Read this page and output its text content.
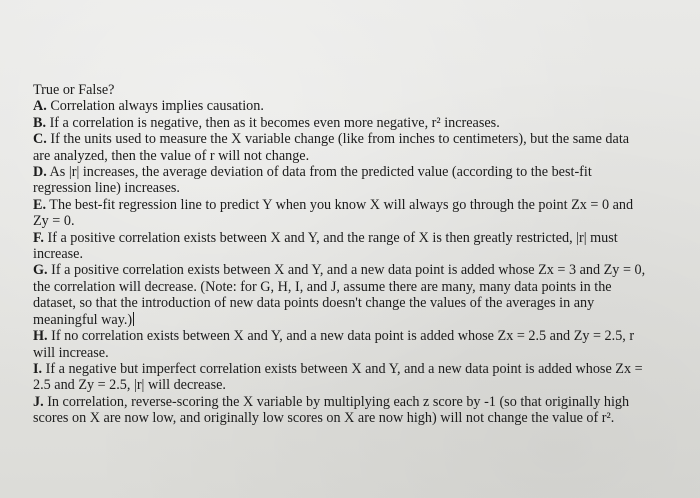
True or False?

A. Correlation always implies causation.

B. If a correlation is negative, then as it becomes even more negative, r² increases.

C. If the units used to measure the X variable change (like from inches to centimeters), but the same data

are analyzed, then the value of r will not change.

D. As |r| increases, the average deviation of data from the predicted value (according to the best-fit

regression line) increases.

E. The best-fit regression line to predict Y when you know X will always go through the point Zx = 0 and

Zy = 0.

F. If a positive correlation exists between X and Y, and the range of X is then greatly restricted, |r| must

increase.

G. If a positive correlation exists between X and Y, and a new data point is added whose Zx = 3 and Zy = 0,

the correlation will decrease. (Note: for G, H, I, and J, assume there are many, many data points in the

dataset, so that the introduction of new data points doesn't change the values of the averages in any

meaningful way.)

H. If no correlation exists between X and Y, and a new data point is added whose Zx = 2.5 and Zy = 2.5, r

will increase.

I. If a negative but imperfect correlation exists between X and Y, and a new data point is added whose Zx =

2.5 and Zy = 2.5, |r| will decrease.

J. In correlation, reverse-scoring the X variable by multiplying each z score by -1 (so that originally high

scores on X are now low, and originally low scores on X are now high) will not change the value of r².
